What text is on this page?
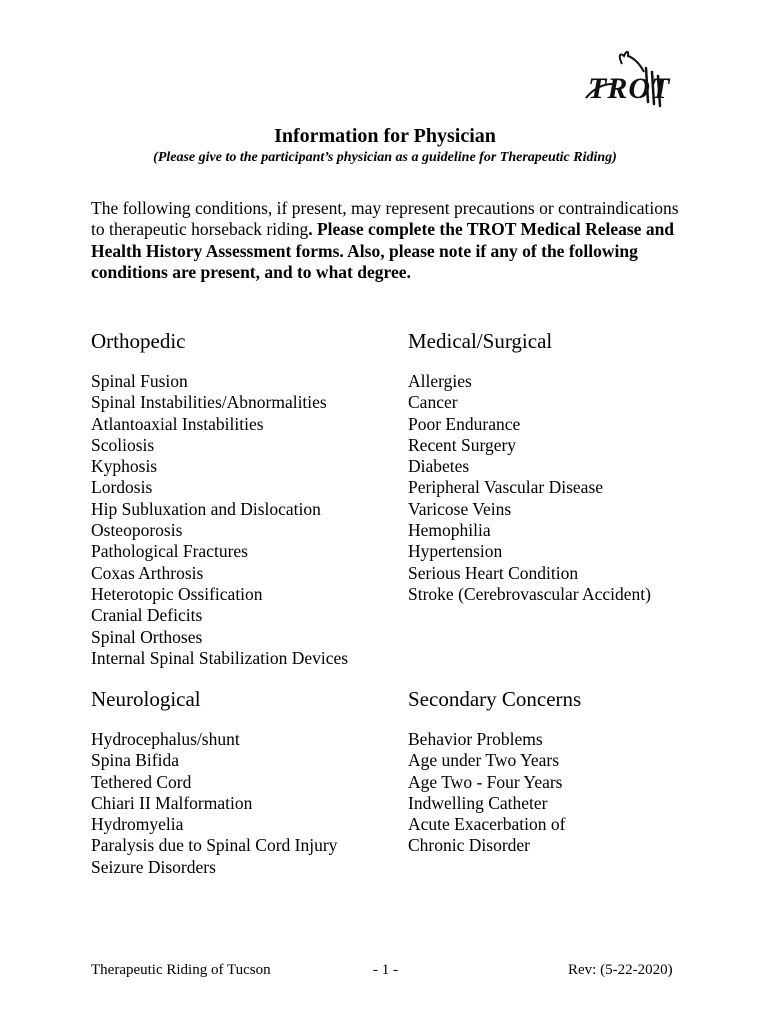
TROT
Information for Physician
(Please give to the participant’s physician as a guideline for Therapeutic Riding)

The following conditions, if present, may represent precautions or contraindications to therapeutic horseback riding. Please complete the TROT Medical Release and Health History Assessment forms. Also, please note if any of the following conditions are present, and to what degree.

Orthopedic
Spinal Fusion
Spinal Instabilities/Abnormalities
Atlantoaxial Instabilities
Scoliosis
Kyphosis
Lordosis
Hip Subluxation and Dislocation
Osteoporosis
Pathological Fractures
Coxas Arthrosis
Heterotopic Ossification
Cranial Deficits
Spinal Orthoses
Internal Spinal Stabilization Devices
Medical/Surgical
Allergies
Cancer
Poor Endurance
Recent Surgery
Diabetes
Peripheral Vascular Disease
Varicose Veins
Hemophilia
Hypertension
Serious Heart Condition
Stroke (Cerebrovascular Accident)
Neurological
Hydrocephalus/shunt
Spina Bifida
Tethered Cord
Chiari II Malformation
Hydromyelia
Paralysis due to Spinal Cord Injury
Seizure Disorders
Secondary Concerns
Behavior Problems
Age under Two Years
Age Two - Four Years
Indwelling Catheter
Acute Exacerbation of
Chronic Disorder
Therapeutic Riding of Tucson	- 1 -	Rev: (5-22-2020)
